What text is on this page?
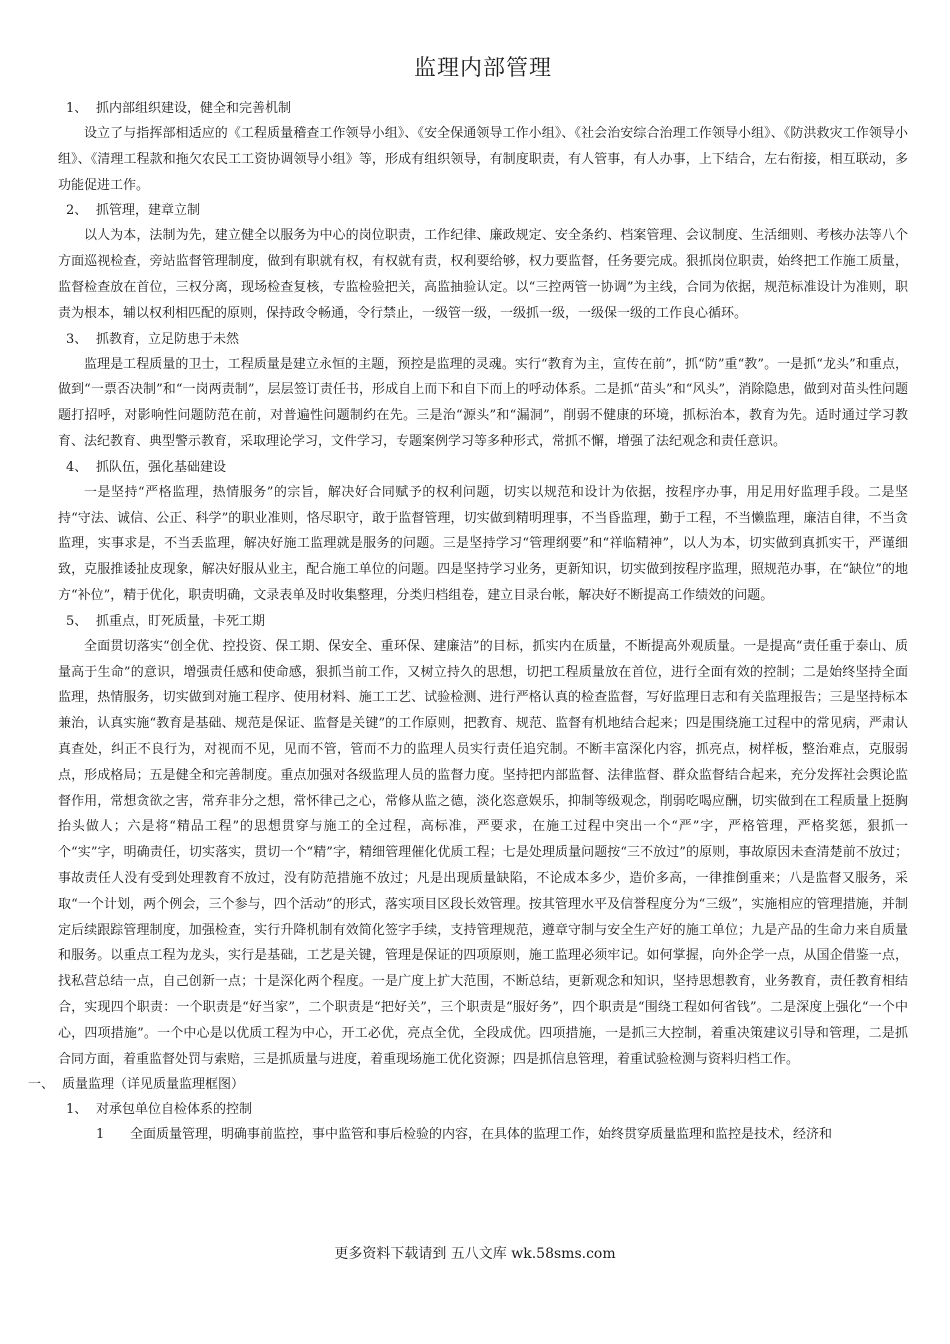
监理内部管理
1、 抓内部组织建设，健全和完善机制

设立了与指挥部相适应的《工程质量稽查工作领导小组》、《安全保通领导工作小组》、《社会治安综合治理工作领导小组》、《防洪救灾工作领导小组》、《清理工程款和拖欠农民工工资协调领导小组》等，形成有组织领导，有制度职责，有人管事，有人办事，上下结合，左右衔接，相互联动，多功能促进工作。

2、 抓管理，建章立制

以人为本，法制为先，建立健全以服务为中心的岗位职责，工作纪律、廉政规定、安全条约、档案管理、会议制度、生活细则、考核办法等八个方面巡视检查，旁站监督管理制度，做到有职就有权，有权就有责，权利要给够，权力要监督，任务要完成。狠抓岗位职责，始终把工作施工质量，监督检查放在首位，三权分离，现场检查复核，专监检验把关，高监抽验认定。以“三控两管一协调”为主线，合同为依据，规范标准设计为准则，职责为根本，辅以权利相匹配的原则，保持政令畅通，令行禁止，一级管一级，一级抓一级，一级保一级的工作良心循环。

3、 抓教育，立足防患于未然

监理是工程质量的卫士，工程质量是建立永恒的主题，预控是监理的灵魂。实行“教育为主，宣传在前”，抓“防”重“教”。一是抓“龙头”和重点，做到“一票否决制”和“一岗两责制”，层层签订责任书，形成自上而下和自下而上的呼动体系。二是抓“苗头”和“风头”，消除隐患，做到对苗头性问题题打招呼，对影响性问题防范在前，对普遍性问题制约在先。三是治“源头”和“漏洞”，削弱不健康的环境，抓标治本，教育为先。适时通过学习教育、法纪教育、典型警示教育，采取理论学习，文件学习，专题案例学习等多种形式，常抓不懈，增强了法纪观念和责任意识。

4、 抓队伍，强化基础建设

一是坚持“严格监理，热情服务”的宗旨，解决好合同赋予的权利问题，切实以规范和设计为依据，按程序办事，用足用好监理手段。二是坚持“守法、诚信、公正、科学”的职业准则，恪尽职守，敢于监督管理，切实做到精明理事，不当昏监理，勤于工程，不当懒监理，廉洁自律，不当贪监理，实事求是，不当丢监理，解决好施工监理就是服务的问题。三是坚持学习“管理纲要”和“祥临精神”，以人为本，切实做到真抓实干，严谨细致，克服推诿扯皮现象，解决好服从业主，配合施工单位的问题。四是坚持学习业务，更新知识，切实做到按程序监理，照规范办事，在“缺位”的地方“补位”，精于优化，职责明确，文录表单及时收集整理，分类归档组卷，建立目录台帐，解决好不断提高工作绩效的问题。

5、 抓重点，盯死质量，卡死工期

全面贯切落实“创全优、控投资、保工期、保安全、重环保、建廉洁”的目标，抓实内在质量，不断提高外观质量。一是提高“责任重于泰山、质量高于生命”的意识，增强责任感和使命感，狠抓当前工作，又树立持久的思想，切把工程质量放在首位，进行全面有效的控制；二是始终坚持全面监理，热情服务，切实做到对施工程序、使用材料、施工工艺、试验检测、进行严格认真的检查监督，写好监理日志和有关监理报告；三是坚持标本兼治，认真实施“教育是基础、规范是保证、监督是关键”的工作原则，把教育、规范、监督有机地结合起来；四是围绕施工过程中的常见病，严肃认真查处，纠正不良行为，对视而不见，见而不管，管而不力的监理人员实行责任追究制。不断丰富深化内容，抓亮点，树样板，整治难点，克服弱点，形成格局；五是健全和完善制度。重点加强对各级监理人员的监督力度。坚持把内部监督、法律监督、群众监督结合起来，充分发挥社会舆论监督作用，常想贪欲之害，常弃非分之想，常怀律己之心，常修从监之德，淡化恣意娱乐，抑制等级观念，削弱吃喝应酬，切实做到在工程质量上挺胸抬头做人；六是将“精品工程”的思想贯穿与施工的全过程，高标准，严要求，在施工过程中突出一个“严”字，严格管理，严格奖惩，狠抓一个“实”字，明确责任，切实落实，贯切一个“精”字，精细管理催化优质工程；七是处理质量问题按“三不放过”的原则，事故原因未查清楚前不放过；事故责任人没有受到处理教育不放过，没有防范措施不放过；凡是出现质量缺陷，不论成本多少，造价多高，一律推倒重来；八是监督又服务，采取“一个计划，两个例会，三个参与，四个活动”的形式，落实项目区段长效管理。按其管理水平及信誉程度分为“三级”，实施相应的管理措施，并制定后续跟踪管理制度，加强检查，实行升降机制有效简化签字手续，支持管理规范，遵章守制与安全生产好的施工单位；九是产品的生命力来自质量和服务。以重点工程为龙头，实行是基础，工艺是关键，管理是保证的四项原则，施工监理必须牢记。如何掌握，向外企学一点，从国企借鉴一点，找私营总结一点，自己创新一点；十是深化两个程度。一是广度上扩大范围，不断总结，更新观念和知识，坚持思想教育，业务教育，责任教育相结合，实现四个职责：一个职责是“好当家”，二个职责是“把好关”，三个职责是“服好务”，四个职责是“围绕工程如何省钱”。二是深度上强化“一个中心，四项措施”。一个中心是以优质工程为中心，开工必优，亮点全优，全段成优。四项措施，一是抓三大控制，着重决策建议引导和管理，二是抓合同方面，着重监督处罚与索赔，三是抓质量与进度，着重现场施工优化资源；四是抓信息管理，着重试验检测与资料归档工作。

一、 质量监理（详见质量监理框图）
1、 对承包单位自检体系的控制
1 全面质量管理，明确事前监控，事中监管和事后检验的内容，在具体的监理工作，始终贯穿质量监理和监控是技术，经济和
更多资料下载请到 五八文库 wk.58sms.com
